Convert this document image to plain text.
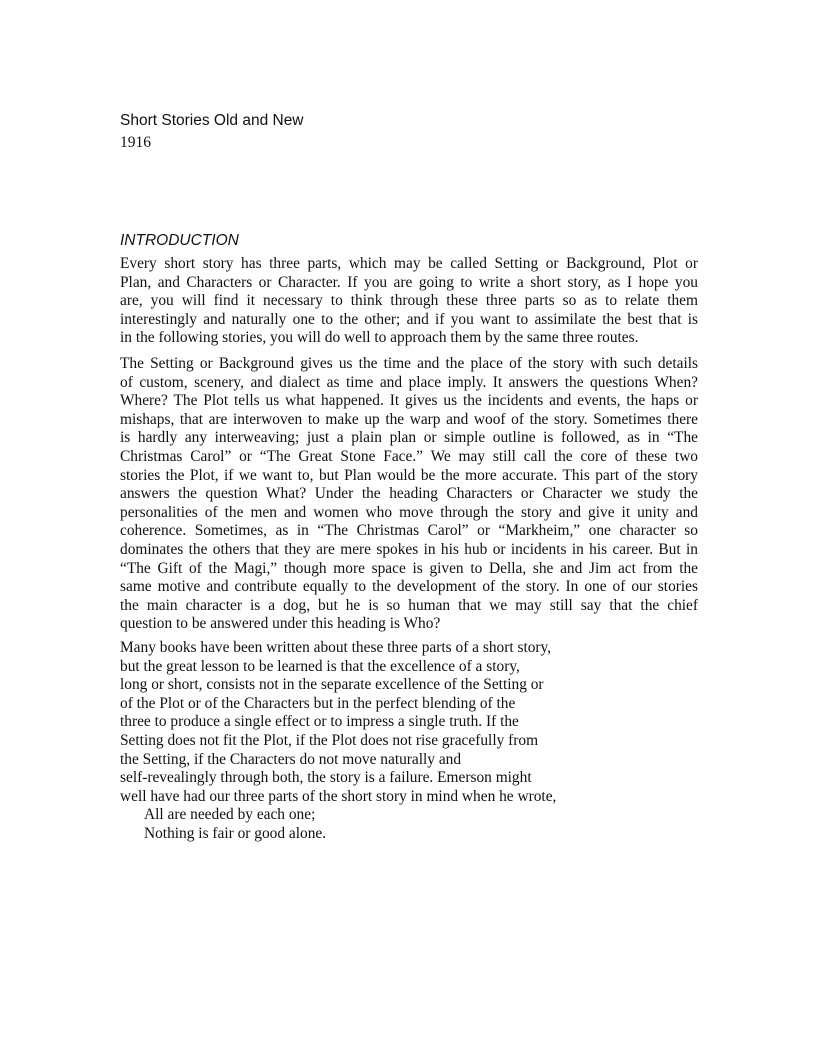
Short Stories Old and New
1916
INTRODUCTION
Every short story has three parts, which may be called Setting or Background, Plot or
Plan, and Characters or Character. If you are going to write a short story, as I hope you
are, you will find it necessary to think through these three parts so as to relate them
interestingly and naturally one to the other; and if you want to assimilate the best that is
in the following stories, you will do well to approach them by the same three routes.
The Setting or Background gives us the time and the place of the story with such details
of custom, scenery, and dialect as time and place imply. It answers the questions When?
Where? The Plot tells us what happened. It gives us the incidents and events, the haps or
mishaps, that are interwoven to make up the warp and woof of the story. Sometimes there
is hardly any interweaving; just a plain plan or simple outline is followed, as in “The
Christmas Carol” or “The Great Stone Face.” We may still call the core of these two
stories the Plot, if we want to, but Plan would be the more accurate. This part of the story
answers the question What? Under the heading Characters or Character we study the
personalities of the men and women who move through the story and give it unity and
coherence. Sometimes, as in “The Christmas Carol” or “Markheim,” one character so
dominates the others that they are mere spokes in his hub or incidents in his career. But in
“The Gift of the Magi,” though more space is given to Della, she and Jim act from the
same motive and contribute equally to the development of the story. In one of our stories
the main character is a dog, but he is so human that we may still say that the chief
question to be answered under this heading is Who?
Many books have been written about these three parts of a short story,
but the great lesson to be learned is that the excellence of a story,
long or short, consists not in the separate excellence of the Setting or
of the Plot or of the Characters but in the perfect blending of the
three to produce a single effect or to impress a single truth. If the
Setting does not fit the Plot, if the Plot does not rise gracefully from
the Setting, if the Characters do not move naturally and
self-revealingly through both, the story is a failure. Emerson might
well have had our three parts of the short story in mind when he wrote,
All are needed by each one;
Nothing is fair or good alone.
